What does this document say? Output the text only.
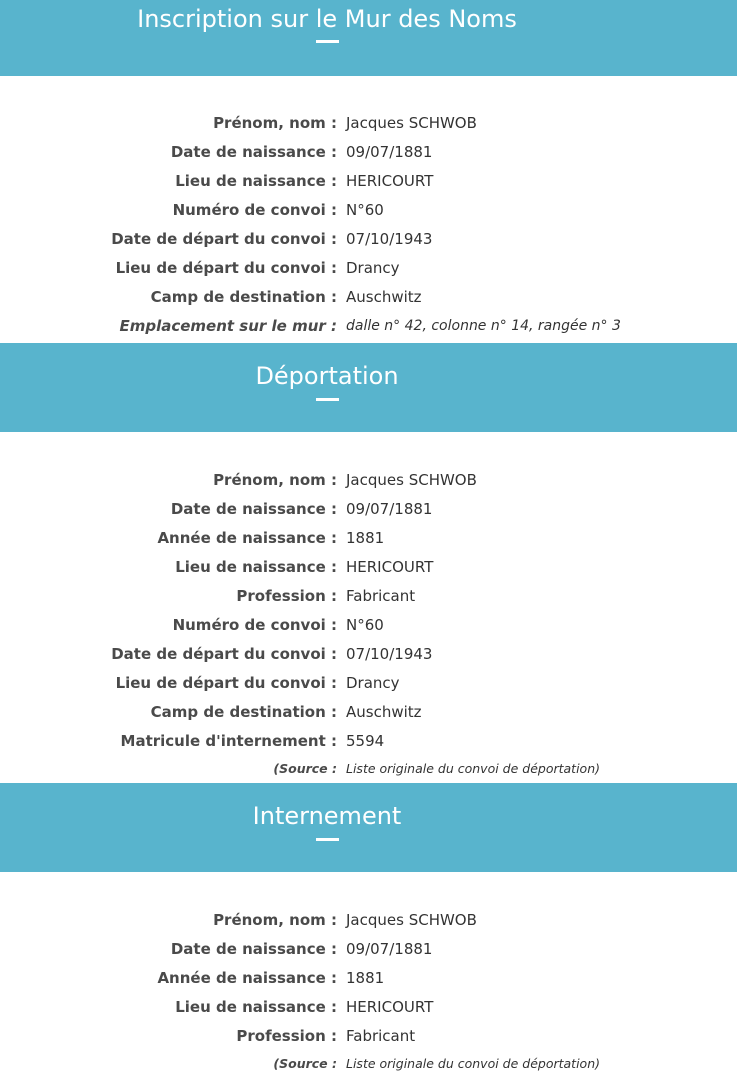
Inscription sur le Mur des Noms
Prénom, nom : Jacques SCHWOB
Date de naissance : 09/07/1881
Lieu de naissance : HERICOURT
Numéro de convoi : N°60
Date de départ du convoi : 07/10/1943
Lieu de départ du convoi : Drancy
Camp de destination : Auschwitz
Emplacement sur le mur : dalle n° 42, colonne n° 14, rangée n° 3
Déportation
Prénom, nom : Jacques SCHWOB
Date de naissance : 09/07/1881
Année de naissance : 1881
Lieu de naissance : HERICOURT
Profession : Fabricant
Numéro de convoi : N°60
Date de départ du convoi : 07/10/1943
Lieu de départ du convoi : Drancy
Camp de destination : Auschwitz
Matricule d'internement : 5594
(Source : Liste originale du convoi de déportation)
Internement
Prénom, nom : Jacques SCHWOB
Date de naissance : 09/07/1881
Année de naissance : 1881
Lieu de naissance : HERICOURT
Profession : Fabricant
(Source : Liste originale du convoi de déportation)
